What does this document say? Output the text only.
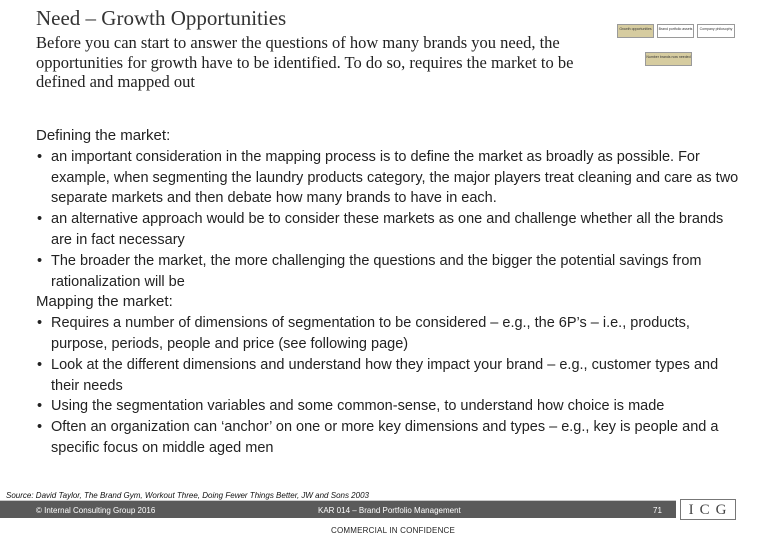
Need – Growth Opportunities
Before you can start to answer the questions of how many brands you need, the opportunities for growth have to be identified. To do so, requires the market to be defined and mapped out
Growth opportunities	Brand portfolio assets	Company philosophy
Number brands now needed
Defining the market:
• an important consideration in the mapping process is to define the market as broadly as possible. For example, when segmenting the laundry products category, the major players treat cleaning and care as two separate markets and then debate how many brands to have in each.
• an alternative approach would be to consider these markets as one and challenge whether all the brands are in fact necessary
• The broader the market, the more challenging the questions and the bigger the potential savings from rationalization will be
Mapping the market:
• Requires a number of dimensions of segmentation to be considered – e.g., the 6P’s – i.e., products, purpose, periods, people and price (see following page)
• Look at the different dimensions and understand how they impact your brand – e.g., customer types and their needs
• Using the segmentation variables and some common-sense, to understand how choice is made
• Often an organization can ‘anchor’ on one or more key dimensions and types – e.g., key is people and a specific focus on middle aged men
Source: David Taylor, The Brand Gym, Workout Three, Doing Fewer Things Better, JW and Sons 2003
© Internal Consulting Group 2016	KAR 014 – Brand Portfolio Management	71	ICG
COMMERCIAL IN CONFIDENCE
